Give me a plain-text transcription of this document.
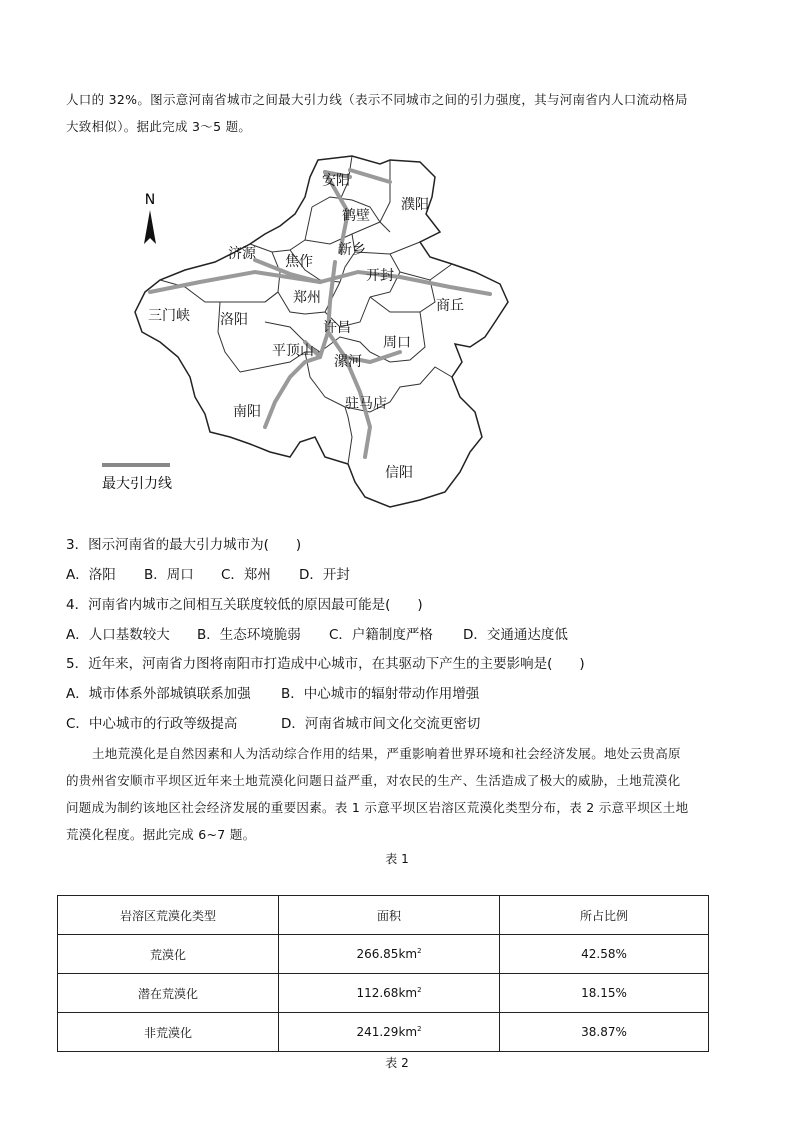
人口的 32%。图示意河南省城市之间最大引力线（表示不同城市之间的引力强度，其与河南省内人口流动格局
大致相似）。据此完成 3～5 题。

N
安阳
濮阳
鹤壁
新乡
济源 焦作
开封
郑州	商丘
三门峡 洛阳	许昌
周口
平顶山
漯河
南阳	驻马店
信阳
最大引力线

3．图示河南省的最大引力城市为(　　)

A．洛阳 B．周口 C．郑州 D．开封

4．河南省内城市之间相互关联度较低的原因最可能是(　　)

A．人口基数较大 B．生态环境脆弱 C．户籍制度严格 D．交通通达度低

5．近年来，河南省力图将南阳市打造成中心城市，在其驱动下产生的主要影响是(　　)

A．城市体系外部城镇联系加强 B．中心城市的辐射带动作用增强

C．中心城市的行政等级提高	D．河南省城市间文化交流更密切

土地荒漠化是自然因素和人为活动综合作用的结果，严重影响着世界环境和社会经济发展。地处云贵高原
的贵州省安顺市平坝区近年来土地荒漠化问题日益严重，对农民的生产、生活造成了极大的威胁，土地荒漠化
问题成为制约该地区社会经济发展的重要因素。表 1 示意平坝区岩溶区荒漠化类型分布，表 2 示意平坝区土地
荒漠化程度。据此完成 6~7 题。

表 1

岩溶区荒漠化类型	面积	所占比例
荒漠化	$266.85km^2$	42.58%
潜在荒漠化	$112.68km^2$	18.15%
非荒漠化	$241.29km^2$	38.87%

表 2
